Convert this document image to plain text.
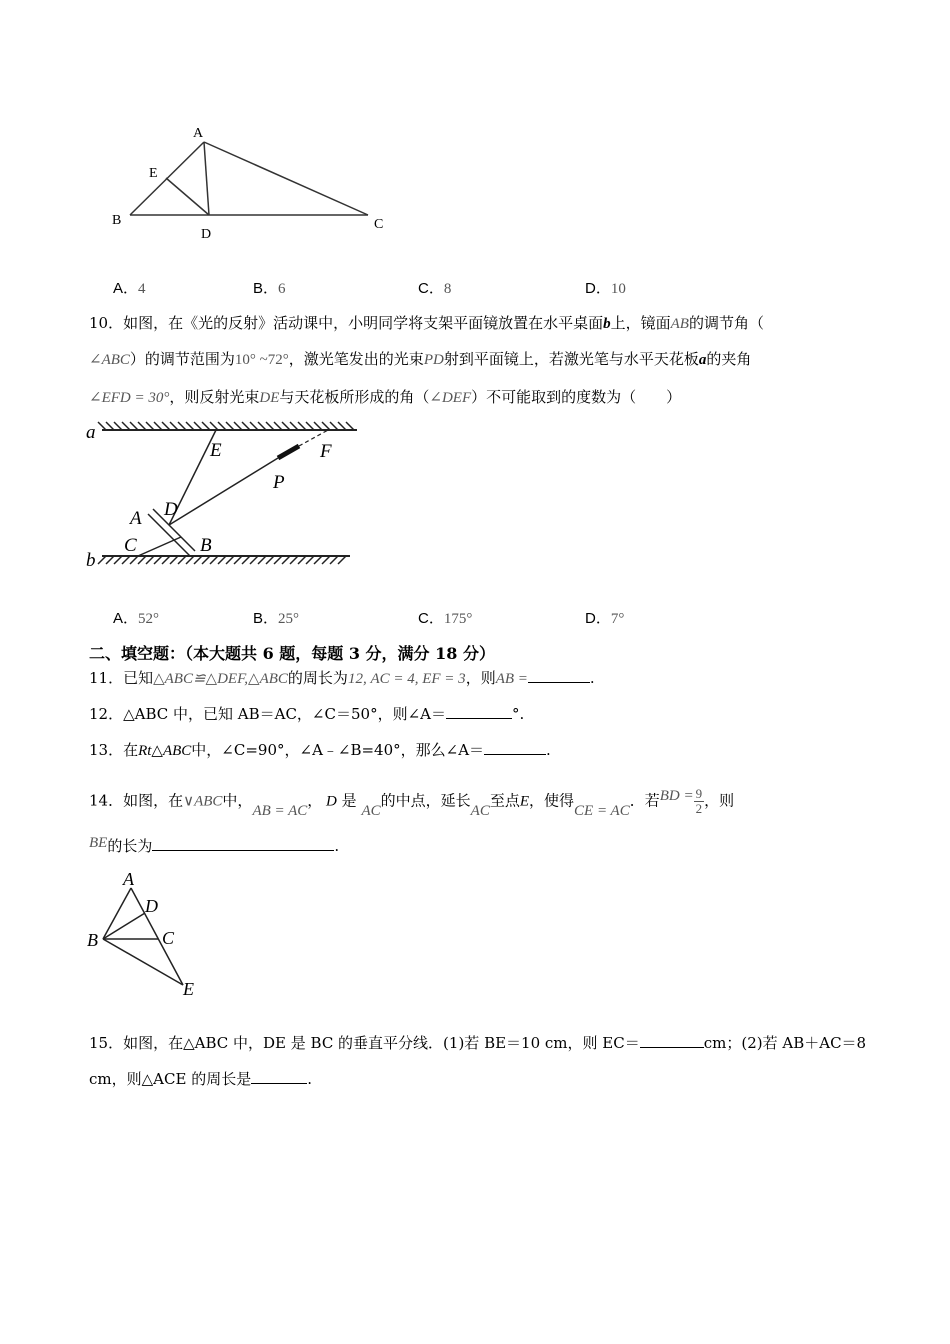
A
E
B
D
C
A．4	B．6	C．8	D．10
10．如图，在《光的反射》活动课中，小明同学将支架平面镜放置在水平桌面b上，镜面AB的调节角（
∠ABC）的调节范围为10° ~72°，激光笔发出的光束PD射到平面镜上，若激光笔与水平天花板a的夹角
∠EFD = 30°，则反射光束DE与天花板所形成的角（∠DEF）不可能取到的度数为（　　）
a
b
E	F
P
A D
C	B
A．52°	B．25°	C．175°	D．7°
二、填空题：（本大题共 6 题，每题 3 分，满分 18 分）
11．已知△ABC≌△DEF,△ABC的周长为12, AC = 4, EF = 3，则AB =	.
12．△ABC 中，已知 AB＝AC，∠C＝50°，则∠A＝	°.
13．在Rt△ABC中，∠C=90°，∠A﹣∠B=40°，那么∠A＝	.
14．如图，在∨ABC中，AB = AC， D 是 AC的中点，延长AC至点E，使得CE = AC．若BD = $\frac{9}{2}$ ，则
BE的长为	.
A
D
B	C
E
15．如图，在△ABC 中，DE 是 BC 的垂直平分线．(1)若 BE＝10 cm，则 EC＝	cm；(2)若 AB＋AC＝8
cm，则△ACE 的周长是	.
